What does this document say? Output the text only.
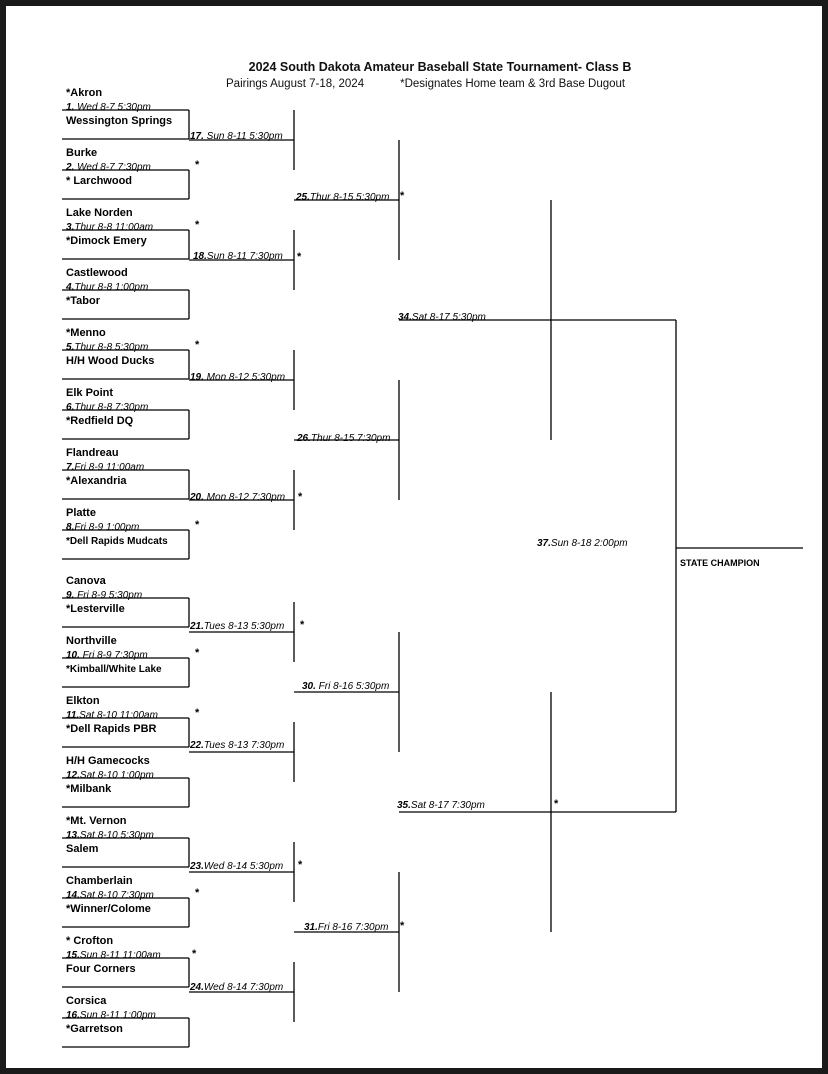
2024 South Dakota Amateur Baseball State Tournament- Class B
Pairings August 7-18, 2024	*Designates Home team & 3rd Base Dugout
*Akron
Wessington Springs
1. Wed 8-7 5:30pm
Burke
* Larchwood
2. Wed 8-7 7:30pm	*
Lake Norden
*Dimock Emery
3.Thur 8-8 11:00am	*
Castlewood
*Tabor
4.Thur 8-8 1:00pm
*Menno
H/H Wood Ducks
5.Thur 8-8 5:30pm	*
Elk Point
*Redfield DQ
6.Thur 8-8 7:30pm
Flandreau
*Alexandria
7.Fri 8-9 11:00am
Platte
*Dell Rapids Mudcats
8.Fri 8-9 1:00pm	*
Canova
*Lesterville
9. Fri 8-9 5:30pm
Northville
*Kimball/White Lake
10. Fri 8-9 7:30pm	*
Elkton
*Dell Rapids PBR
11.Sat 8-10 11:00am	*
H/H Gamecocks
*Milbank
12.Sat 8-10 1:00pm
*Mt. Vernon
Salem
13.Sat 8-10 5:30pm
Chamberlain
*Winner/Colome
14.Sat 8-10 7:30pm	*
* Crofton
Four Corners
15.Sun 8-11 11:00am	*
Corsica
*Garretson
16.Sun 8-11 1:00pm
17. Sun 8-11 5:30pm
18.Sun 8-11 7:30pm *
19. Mon 8-12 5:30pm
20. Mon 8-12 7:30pm *
21.Tues 8-13 5:30pm *
22.Tues 8-13 7:30pm
23.Wed 8-14 5:30pm *
24.Wed 8-14 7:30pm
25.Thur 8-15 5:30pm *
26.Thur 8-15 7:30pm
30. Fri 8-16 5:30pm
31.Fri 8-16 7:30pm *
34.Sat 8-17 5:30pm
35.Sat 8-17 7:30pm	*
37.Sun 8-18 2:00pm
STATE CHAMPION
